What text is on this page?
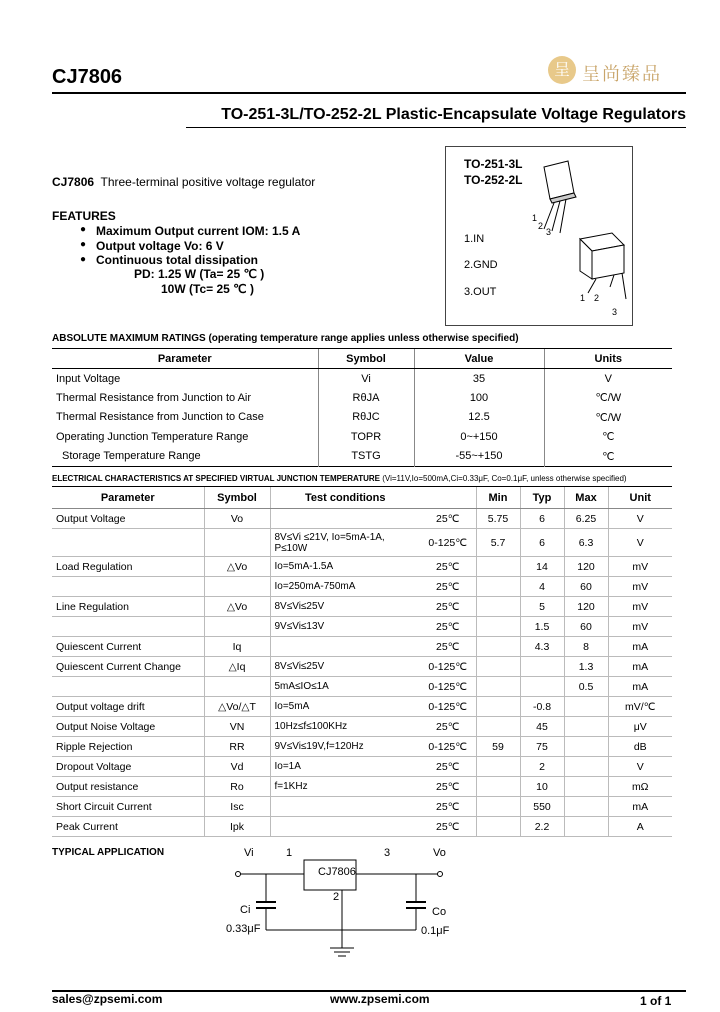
CJ7806	呈 呈尚臻品
TO-251-3L/TO-252-2L Plastic-Encapsulate Voltage Regulators
TO-251-3L
TO-252-2L
1
2
3
1.IN
2.GND
3.OUT	1 2
3
CJ7806 Three-terminal positive voltage regulator
FEATURES
● Maximum Output current IOM: 1.5 A
● Output voltage Vo: 6 V
● Continuous total dissipation
PD: 1.25 W (Ta= 25 ℃ )
10W (Tc= 25 ℃ )
ABSOLUTE MAXIMUM RATINGS (operating temperature range applies unless otherwise specified)
Parameter	Symbol	Value	Units
Input Voltage	Vi	35	V
Thermal Resistance from Junction to Air	RθJA	100	℃/W
Thermal Resistance from Junction to Case	RθJC	12.5	℃/W
Operating Junction Temperature Range	TOPR	0~+150	℃
Storage Temperature Range	TSTG	-55~+150	℃
ELECTRICAL CHARACTERISTICS AT SPECIFIED VIRTUAL JUNCTION TEMPERATURE (Vi=11V,Io=500mA,Ci=0.33μF, Co=0.1μF, unless otherwise specified)
Parameter	Symbol	Test conditions		Min	Typ	Max	Unit
Output Voltage	Vo		25℃	5.75	6	6.25	V
		8V≤Vi ≤21V, Io=5mA-1A, P≤10W	0-125℃	5.7	6	6.3	V
Load Regulation	△Vo	Io=5mA-1.5A	25℃		14	120	mV
		Io=250mA-750mA	25℃		4	60	mV
Line Regulation	△Vo	8V≤Vi≤25V	25℃		5	120	mV
		9V≤Vi≤13V	25℃		1.5	60	mV
Quiescent Current	Iq		25℃		4.3	8	mA
Quiescent Current Change	△Iq	8V≤Vi≤25V	0-125℃			1.3	mA
		5mA≤IO≤1A	0-125℃			0.5	mA
Output voltage drift	△Vo/△T	Io=5mA	0-125℃		-0.8		mV/℃
Output Noise Voltage	VN	10Hz≤f≤100KHz	25℃		45		μV
Ripple Rejection	RR	9V≤Vi≤19V,f=120Hz	0-125℃	59	75		dB
Dropout Voltage	Vd	Io=1A	25℃		2		V
Output resistance	Ro	f=1KHz	25℃		10		mΩ
Short Circuit Current	Isc		25℃		550		mA
Peak Current	Ipk		25℃		2.2		A
TYPICAL APPLICATION	Vi	1	3	Vo
CJ7806
2
Ci
0.33μF
Co
0.1μF
sales@zpsemi.com	www.zpsemi.com	1 of 1
